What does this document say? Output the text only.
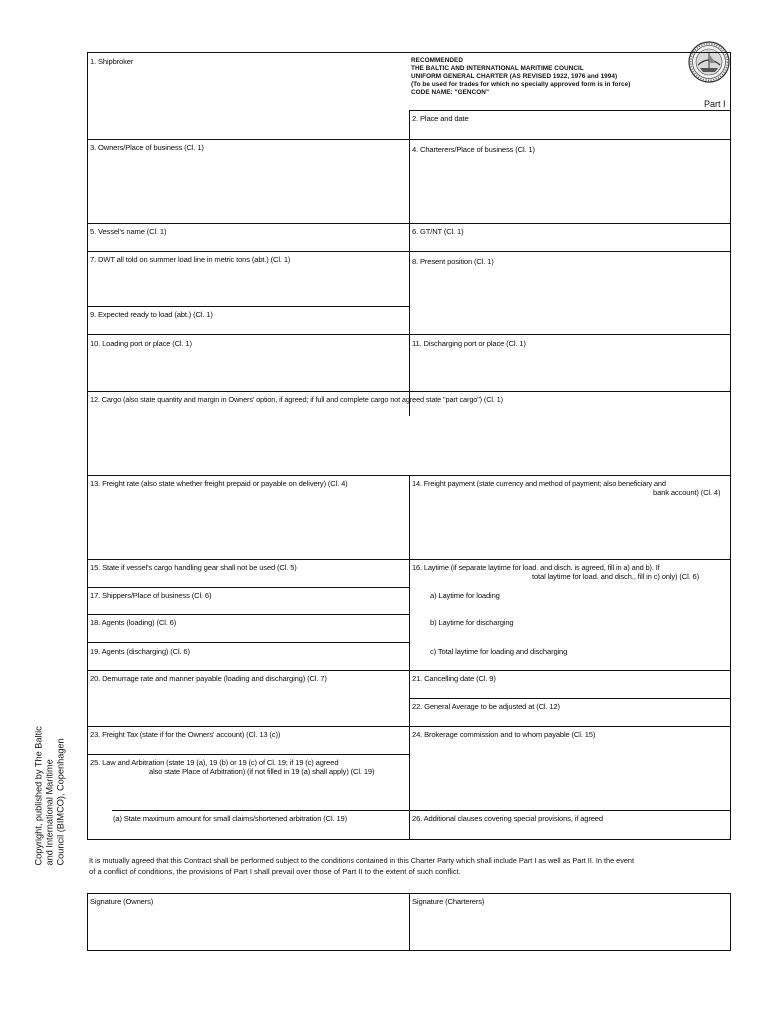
RECOMMENDED
THE BALTIC AND INTERNATIONAL MARITIME COUNCIL
UNIFORM GENERAL CHARTER (AS REVISED 1922, 1976 and 1994)
(To be used for trades for which no specially approved form is in force)
CODE NAME: "GENCON"
Part I
1. Shipbroker
2. Place and date
3. Owners/Place of business (Cl. 1)	4. Charterers/Place of business (Cl. 1)
5. Vessel's name (Cl. 1)	6. GT/NT (Cl. 1)
7. DWT all told on summer load line in metric tons (abt.) (Cl. 1)	8. Present position (Cl. 1)
9. Expected ready to load (abt.) (Cl. 1)
10. Loading port or place (Cl. 1)	11. Discharging port or place (Cl. 1)
12. Cargo (also state quantity and margin in Owners' option, if agreed; if full and complete cargo not agreed state "part cargo") (Cl. 1)
13. Freight rate (also state whether freight prepaid or payable on delivery) (Cl. 4)	14. Freight payment (state currency and method of payment; also beneficiary and
bank account) (Cl. 4)
15. State if vessel's cargo handling gear shall not be used (Cl. 5)	16. Laytime (if separate laytime for load. and disch. is agreed, fill in a) and b). If
total laytime for load. and disch., fill in c) only) (Cl. 6)
a) Laytime for loading
b) Laytime for discharging
c) Total laytime for loading and discharging
17. Shippers/Place of business (Cl. 6)
18. Agents (loading) (Cl. 6)
19. Agents (discharging) (Cl. 6)
20. Demurrage rate and manner payable (loading and discharging) (Cl. 7)	21. Cancelling date (Cl. 9)
22. General Average to be adjusted at (Cl. 12)
23. Freight Tax (state if for the Owners' account) (Cl. 13 (c))	24. Brokerage commission and to whom payable (Cl. 15)
25. Law and Arbitration (state 19 (a), 19 (b) or 19 (c) of Cl. 19; if 19 (c) agreed
also state Place of Arbitration) (if not filled in 19 (a) shall apply) (Cl. 19)
(a) State maximum amount for small claims/shortened arbitration (Cl. 19)	26. Additional clauses covering special provisions, if agreed
It is mutually agreed that this Contract shall be performed subject to the conditions contained in this Charter Party which shall include Part I as well as Part II. In the event
of a conflict of conditions, the provisions of Part I shall prevail over those of Part II to the extent of such conflict.
Signature (Owners)	Signature (Charterers)
Copyright, published by The Baltic and International Maritime Council (BIMCO), Copenhagen
